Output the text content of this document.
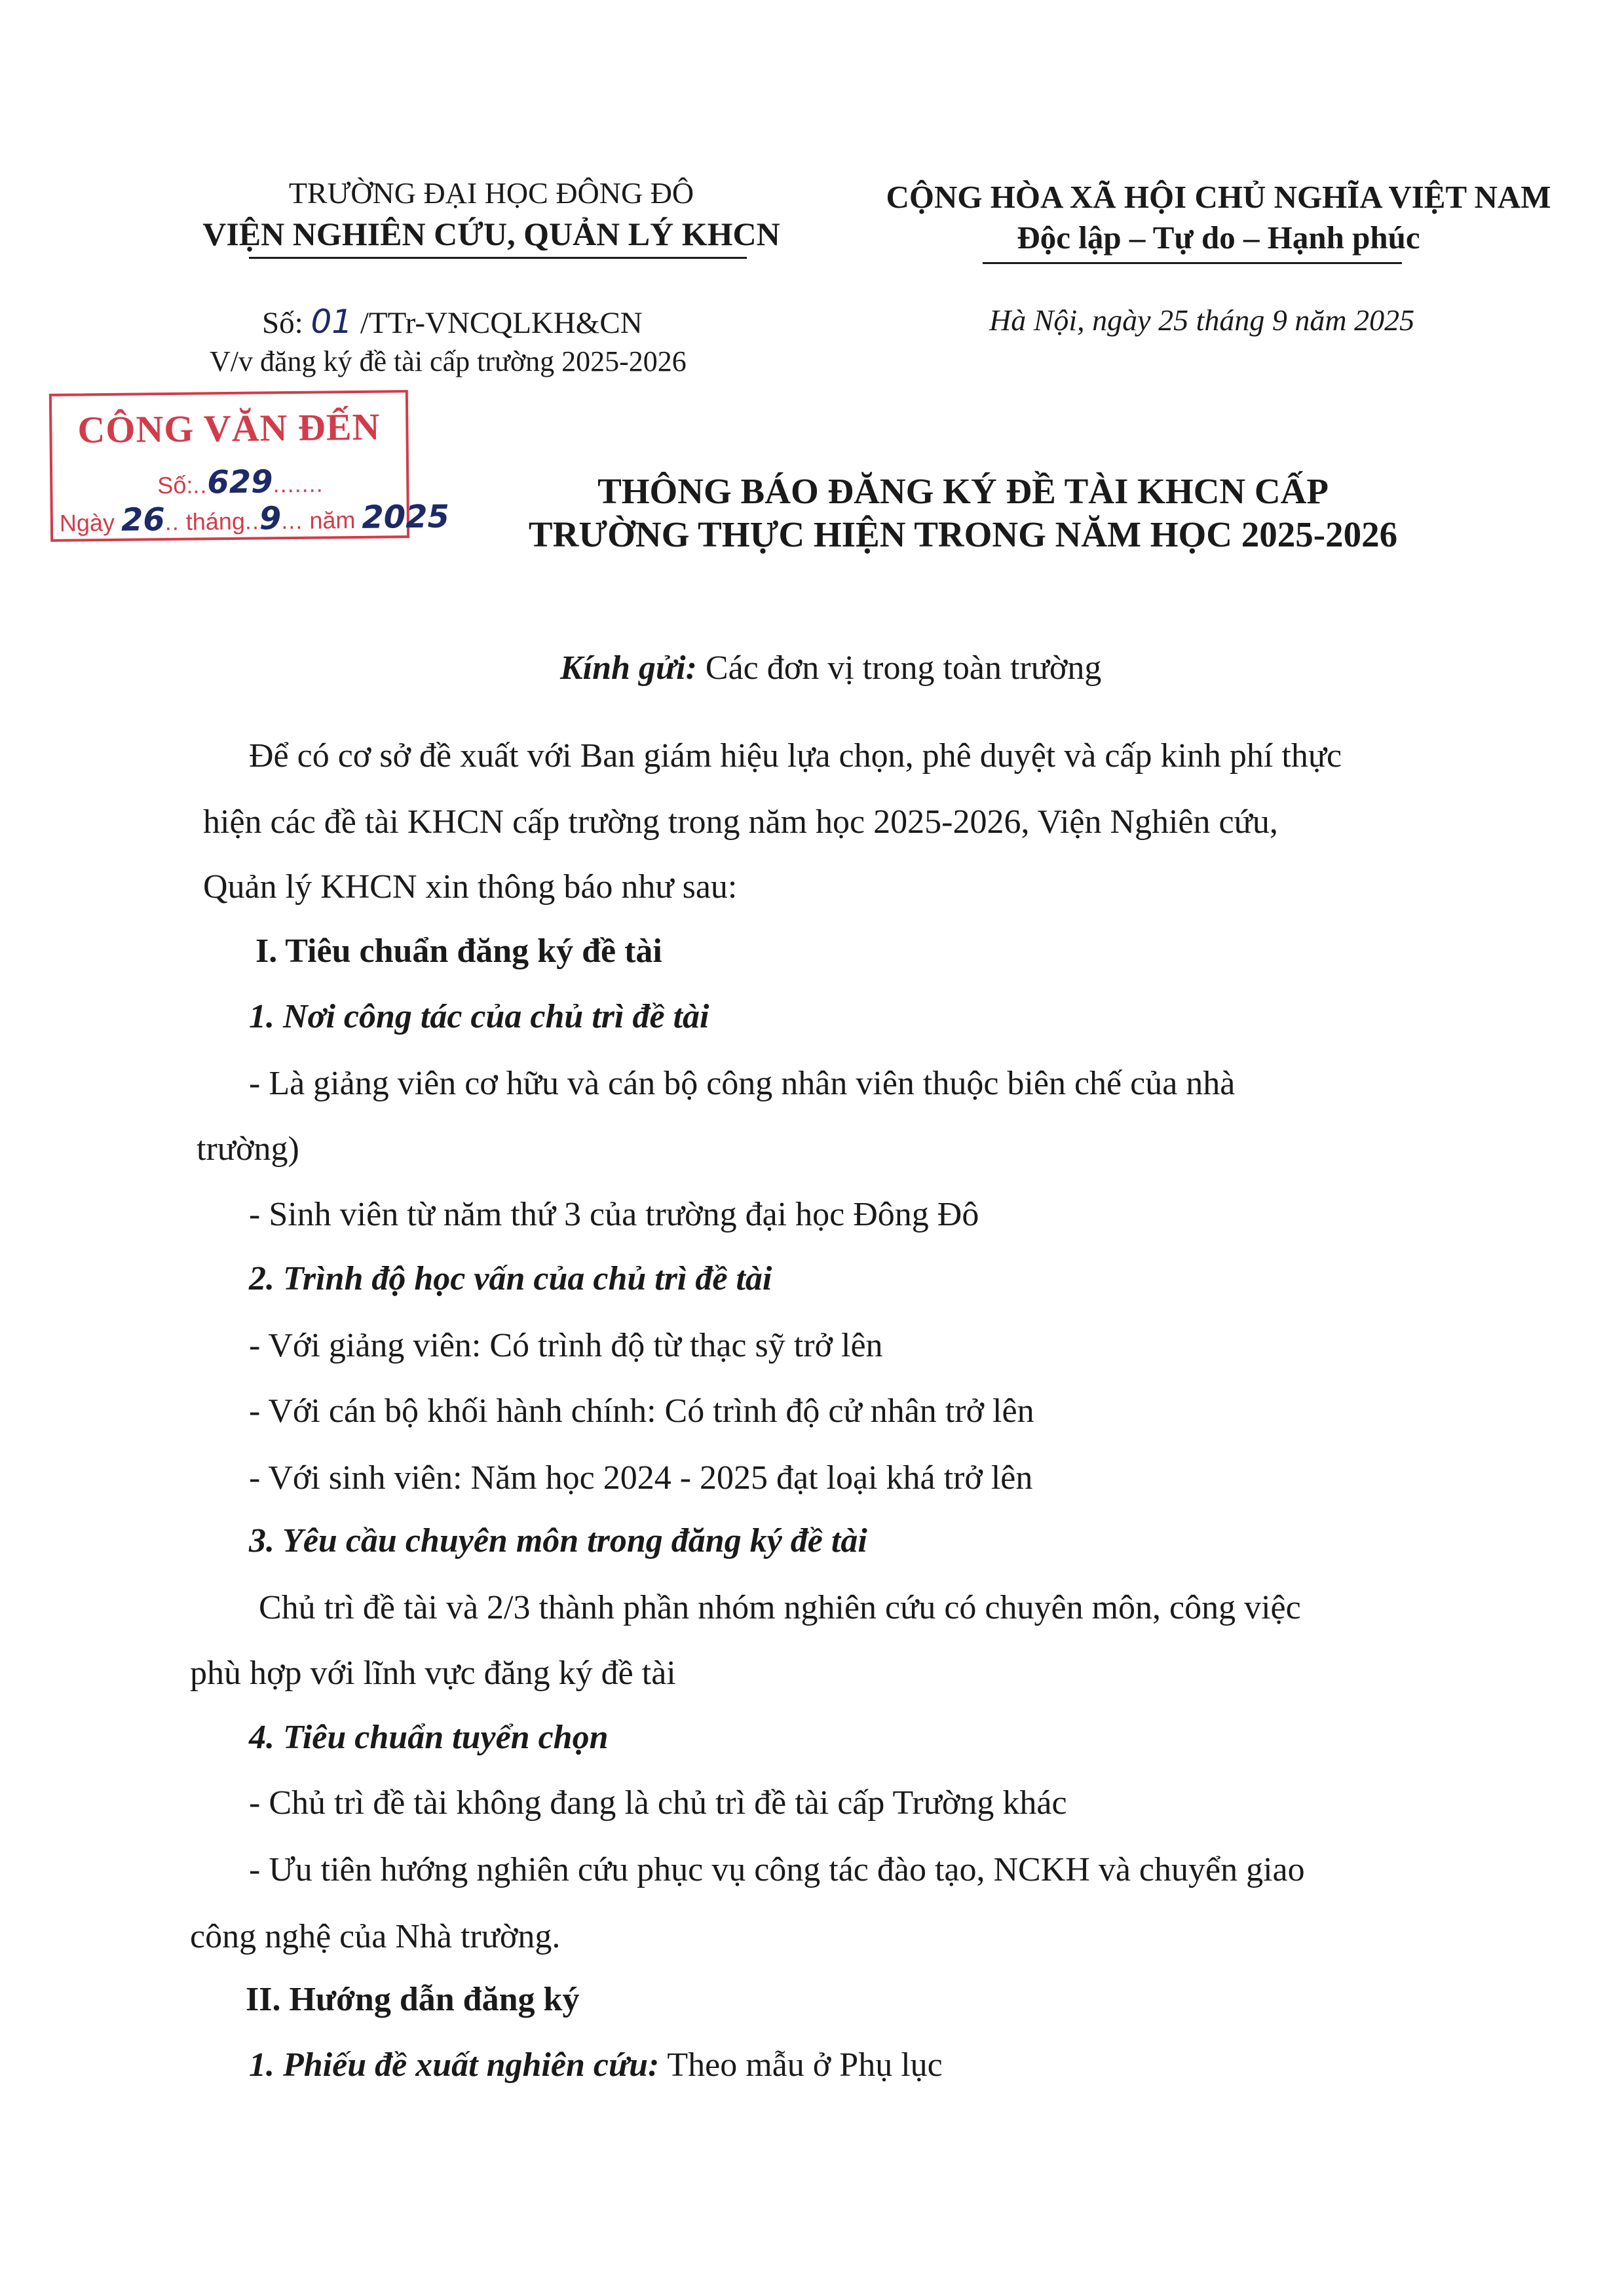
TRƯỜNG ĐẠI HỌC ĐÔNG ĐÔ
VIỆN NGHIÊN CỨU, QUẢN LÝ KHCN
CỘNG HÒA XÃ HỘI CHỦ NGHĨA VIỆT NAM
Độc lập – Tự do – Hạnh phúc
Số: 01 /TTr-VNCQLKH&CN
V/v đăng ký đề tài cấp trường 2025-2026
Hà Nội, ngày 25 tháng 9 năm 2025
CÔNG VĂN ĐẾN
Số:..629.......
Ngày 26.. tháng..9... năm 2025
THÔNG BÁO ĐĂNG KÝ ĐỀ TÀI KHCN CẤP
TRƯỜNG THỰC HIỆN TRONG NĂM HỌC 2025-2026
Kính gửi: Các đơn vị trong toàn trường
Để có cơ sở đề xuất với Ban giám hiệu lựa chọn, phê duyệt và cấp kinh phí thực
hiện các đề tài KHCN cấp trường trong năm học 2025-2026, Viện Nghiên cứu,
Quản lý KHCN xin thông báo như sau:
I. Tiêu chuẩn đăng ký đề tài
1. Nơi công tác của chủ trì đề tài
- Là giảng viên cơ hữu và cán bộ công nhân viên thuộc biên chế của nhà
trường)
- Sinh viên từ năm thứ 3 của trường đại học Đông Đô
2. Trình độ học vấn của chủ trì đề tài
- Với giảng viên: Có trình độ từ thạc sỹ trở lên
- Với cán bộ khối hành chính: Có trình độ cử nhân trở lên
- Với sinh viên: Năm học 2024 - 2025 đạt loại khá trở lên
3. Yêu cầu chuyên môn trong đăng ký đề tài
Chủ trì đề tài và 2/3 thành phần nhóm nghiên cứu có chuyên môn, công việc
phù hợp với lĩnh vực đăng ký đề tài
4. Tiêu chuẩn tuyển chọn
- Chủ trì đề tài không đang là chủ trì đề tài cấp Trường khác
- Ưu tiên hướng nghiên cứu phục vụ công tác đào tạo, NCKH và chuyển giao
công nghệ của Nhà trường.
II. Hướng dẫn đăng ký
1. Phiếu đề xuất nghiên cứu: Theo mẫu ở Phụ lục
